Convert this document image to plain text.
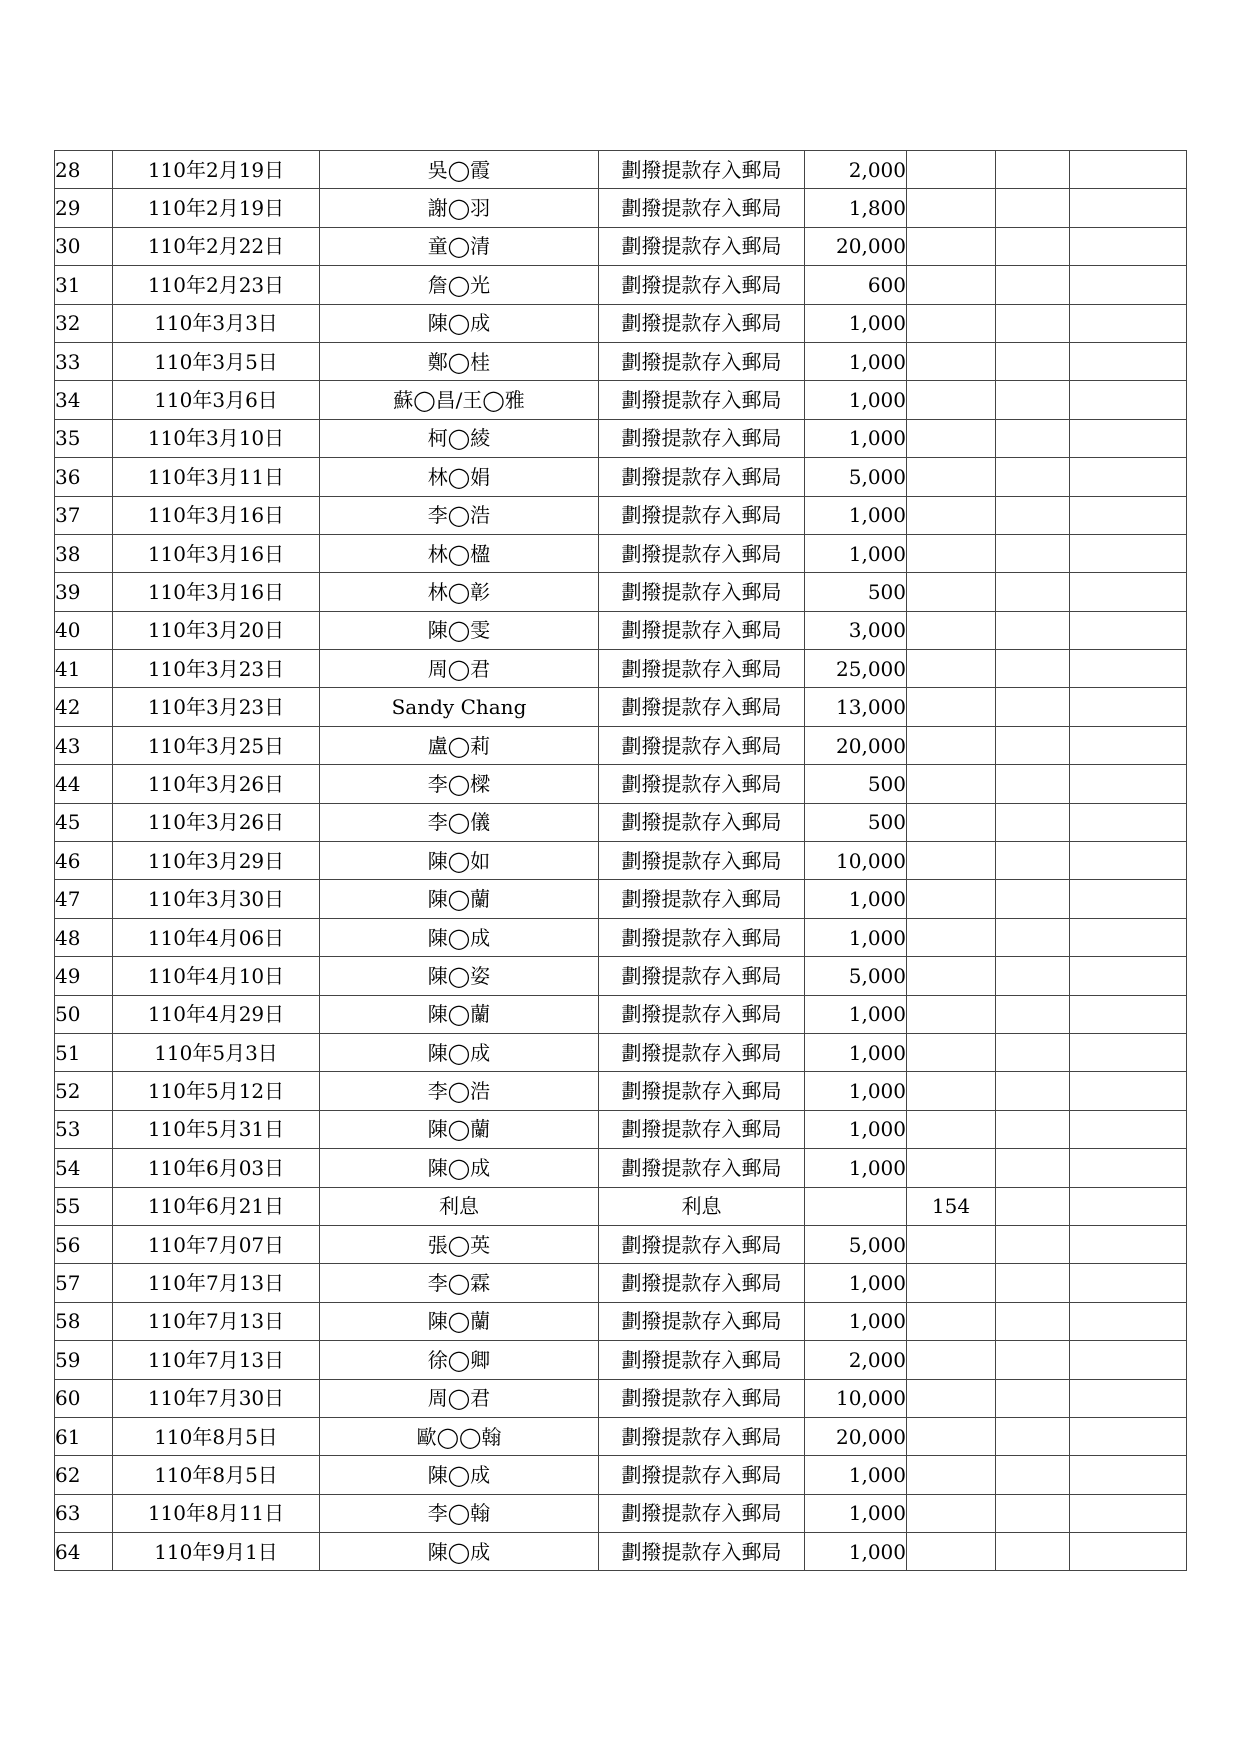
28	110年2月19日	吳◯霞	劃撥提款存入郵局	2,000			
29	110年2月19日	謝◯羽	劃撥提款存入郵局	1,800			
30	110年2月22日	童◯清	劃撥提款存入郵局	20,000			
31	110年2月23日	詹◯光	劃撥提款存入郵局	600			
32	110年3月3日	陳◯成	劃撥提款存入郵局	1,000			
33	110年3月5日	鄭◯桂	劃撥提款存入郵局	1,000			
34	110年3月6日	蘇◯昌/王◯雅	劃撥提款存入郵局	1,000			
35	110年3月10日	柯◯綾	劃撥提款存入郵局	1,000			
36	110年3月11日	林◯娟	劃撥提款存入郵局	5,000			
37	110年3月16日	李◯浩	劃撥提款存入郵局	1,000			
38	110年3月16日	林◯楹	劃撥提款存入郵局	1,000			
39	110年3月16日	林◯彰	劃撥提款存入郵局	500			
40	110年3月20日	陳◯雯	劃撥提款存入郵局	3,000			
41	110年3月23日	周◯君	劃撥提款存入郵局	25,000			
42	110年3月23日	Sandy Chang	劃撥提款存入郵局	13,000			
43	110年3月25日	盧◯莉	劃撥提款存入郵局	20,000			
44	110年3月26日	李◯樑	劃撥提款存入郵局	500			
45	110年3月26日	李◯儀	劃撥提款存入郵局	500			
46	110年3月29日	陳◯如	劃撥提款存入郵局	10,000			
47	110年3月30日	陳◯蘭	劃撥提款存入郵局	1,000			
48	110年4月06日	陳◯成	劃撥提款存入郵局	1,000			
49	110年4月10日	陳◯姿	劃撥提款存入郵局	5,000			
50	110年4月29日	陳◯蘭	劃撥提款存入郵局	1,000			
51	110年5月3日	陳◯成	劃撥提款存入郵局	1,000			
52	110年5月12日	李◯浩	劃撥提款存入郵局	1,000			
53	110年5月31日	陳◯蘭	劃撥提款存入郵局	1,000			
54	110年6月03日	陳◯成	劃撥提款存入郵局	1,000			
55	110年6月21日	利息	利息		154		
56	110年7月07日	張◯英	劃撥提款存入郵局	5,000			
57	110年7月13日	李◯霖	劃撥提款存入郵局	1,000			
58	110年7月13日	陳◯蘭	劃撥提款存入郵局	1,000			
59	110年7月13日	徐◯卿	劃撥提款存入郵局	2,000			
60	110年7月30日	周◯君	劃撥提款存入郵局	10,000			
61	110年8月5日	歐◯◯翰	劃撥提款存入郵局	20,000			
62	110年8月5日	陳◯成	劃撥提款存入郵局	1,000			
63	110年8月11日	李◯翰	劃撥提款存入郵局	1,000			
64	110年9月1日	陳◯成	劃撥提款存入郵局	1,000			
